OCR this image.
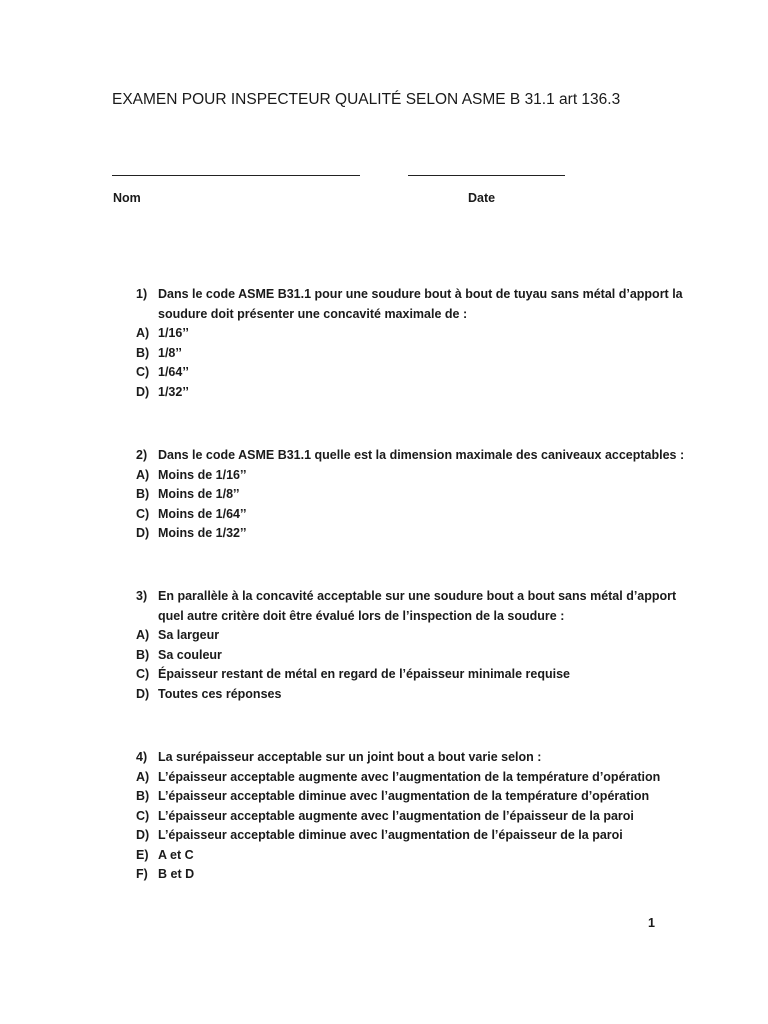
EXAMEN POUR INSPECTEUR QUALITÉ SELON ASME B 31.1 art 136.3
Nom	Date
1) Dans le code ASME B31.1 pour une soudure bout à bout de tuyau sans métal d’apport la
soudure doit présenter une concavité maximale de :
A) 1/16’’
B) 1/8’’
C) 1/64’’
D) 1/32’’
2) Dans le code ASME B31.1 quelle est la dimension maximale des caniveaux acceptables :
A) Moins de 1/16’’
B) Moins de 1/8’’
C) Moins de 1/64’’
D) Moins de 1/32’’
3) En parallèle à la concavité acceptable sur une soudure bout a bout sans métal d’apport
quel autre critère doit être évalué lors de l’inspection de la soudure :
A) Sa largeur
B) Sa couleur
C) Épaisseur restant de métal en regard de l’épaisseur minimale requise
D) Toutes ces réponses
4) La surépaisseur acceptable sur un joint bout a bout varie selon :
A) L’épaisseur acceptable augmente avec l’augmentation de la température d’opération
B) L’épaisseur acceptable diminue avec l’augmentation de la température d’opération
C) L’épaisseur acceptable augmente avec l’augmentation de l’épaisseur de la paroi
D) L’épaisseur acceptable diminue avec l’augmentation de l’épaisseur de la paroi
E) A et C
F) B et D
1
